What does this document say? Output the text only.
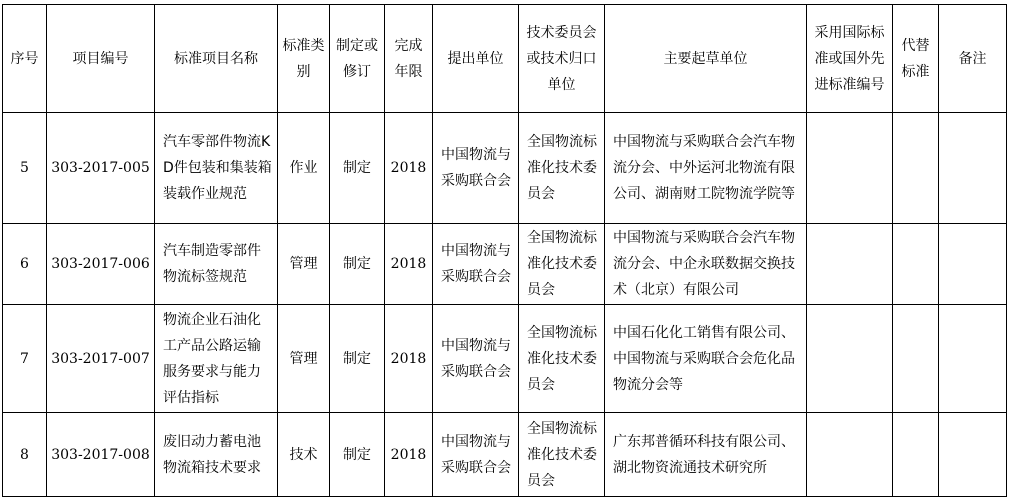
序号	项目编号	标准项目名称	标准类别	制定或修订	完成年限	提出单位	技术委员会或技术归口单位	主要起草单位	采用国际标准或国外先进标准编号	代替标准	备注
5	303-2017-005	汽车零部件物流KD件包装和集装箱装载作业规范	作业	制定	2018	中国物流与采购联合会	全国物流标准化技术委员会	中国物流与采购联合会汽车物流分会、中外运河北物流有限公司、湖南财工院物流学院等			
6	303-2017-006	汽车制造零部件物流标签规范	管理	制定	2018	中国物流与采购联合会	全国物流标准化技术委员会	中国物流与采购联合会汽车物流分会、中企永联数据交换技术（北京）有限公司			
7	303-2017-007	物流企业石油化工产品公路运输服务要求与能力评估指标	管理	制定	2018	中国物流与采购联合会	全国物流标准化技术委员会	中国石化化工销售有限公司、中国物流与采购联合会危化品物流分会等			
8	303-2017-008	废旧动力蓄电池物流箱技术要求	技术	制定	2018	中国物流与采购联合会	全国物流标准化技术委员会	广东邦普循环科技有限公司、湖北物资流通技术研究所			
